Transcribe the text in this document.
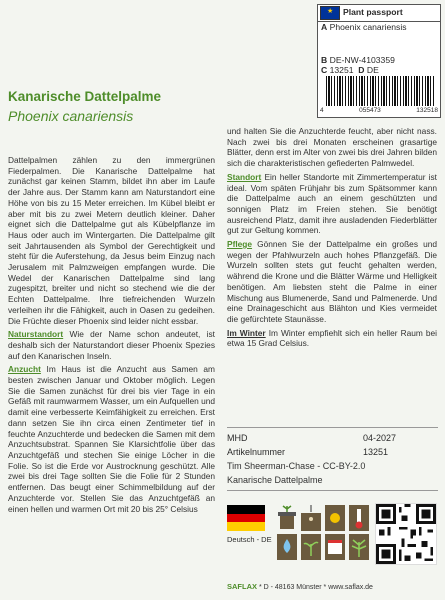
★
Plant passport
A Phoenix canariensis
B DE-NW-4103359
C 13251 D DE
4	055473	132518
Kanarische Dattelpalme
Phoenix canariensis

Dattelpalmen zählen zu den immergrünen Fiederpalmen. Die Kanarische Dattelpalme hat zunächst gar keinen Stamm, bildet ihn aber im Laufe der Jahre aus. Der Stamm kann am Naturstandort eine Höhe von bis zu 15 Meter erreichen. Im Kübel bleibt er aber mit bis zu zwei Metern deutlich kleiner. Daher eignet sich die Dattelpalme gut als Kübelpflanze im Haus oder auch im Wintergarten. Die Dattelpalme gilt seit Jahrtausenden als Symbol der Gerechtigkeit und steht für die Auferstehung, da Jesus beim Einzug nach Jerusalem mit Palmzweigen empfangen wurde. Die Wedel der Kanarischen Dattelpalme sind lang zugespitzt, breiter und nicht so stechend wie die der Echten Dattelpalme. Ihre tiefreichenden Wurzeln verleihen ihr die Fähigkeit, auch in Oasen zu gedeihen. Die Früchte dieser Phoenix sind leider nicht essbar.

Naturstandort Wie der Name schon andeutet, ist deshalb sich der Naturstandort dieser Phoenix Spezies auf den Kanarischen Inseln.

Anzucht Im Haus ist die Anzucht aus Samen am besten zwischen Januar und Oktober möglich. Legen Sie die Samen zunächst für drei bis vier Tage in ein Gefäß mit raumwarmem Wasser, um ein Aufquellen und damit eine verbesserte Keimfähigkeit zu erreichen. Erst dann setzen Sie ihn circa einen Zentimeter tief in feuchte Anzuchterde und bedecken die Samen mit dem Anzuchtsubstrat. Spannen Sie Klarsichtfolie über das Anzuchtgefäß und stechen Sie einige Löcher in die Folie. So ist die Erde vor Austrocknung geschützt. Alle zwei bis drei Tage sollten Sie die Folie für 2 Stunden entfernen. Das beugt einer Schimmelbildung auf der Anzuchterde vor. Stellen Sie das Anzuchtgefäß an einen hellen und warmen Ort mit 20 bis 25° Celsius

und halten Sie die Anzuchterde feucht, aber nicht nass. Nach zwei bis drei Monaten erscheinen grasartige Blätter, denn erst im Alter von zwei bis drei Jahren bilden sich die charakteristischen gefiederten Palmwedel.

Standort Ein heller Standorte mit Zimmertemperatur ist ideal. Vom späten Frühjahr bis zum Spätsommer kann die Dattelpalme auch an einem geschützten und sonnigen Platz im Freien stehen. Sie benötigt ausreichend Platz, damit ihre ausladenden Fiederblätter gut zur Geltung kommen.

Pflege Gönnen Sie der Dattelpalme ein großes und wegen der Pfahlwurzeln auch hohes Pflanzgefäß. Die Wurzeln sollten stets gut feucht gehalten werden, während die Krone und die Blätter Wärme und Helligkeit benötigen. Am liebsten steht die Palme in einer Mischung aus Blumenerde, Sand und Palmenerde. Und eine Drainageschicht aus Blähton und Kies vermeidet die gefürchtete Staunässe.

Im Winter Im Winter empfiehlt sich ein heller Raum bei etwa 15 Grad Celsius.

MHD	04-2027
Artikelnummer	13251
Tim Sheerman-Chase - CC-BY-2.0
Kanarische Dattelpalme
Deutsch - DE
SAFLAX * D - 48163 Münster * www.saflax.de
